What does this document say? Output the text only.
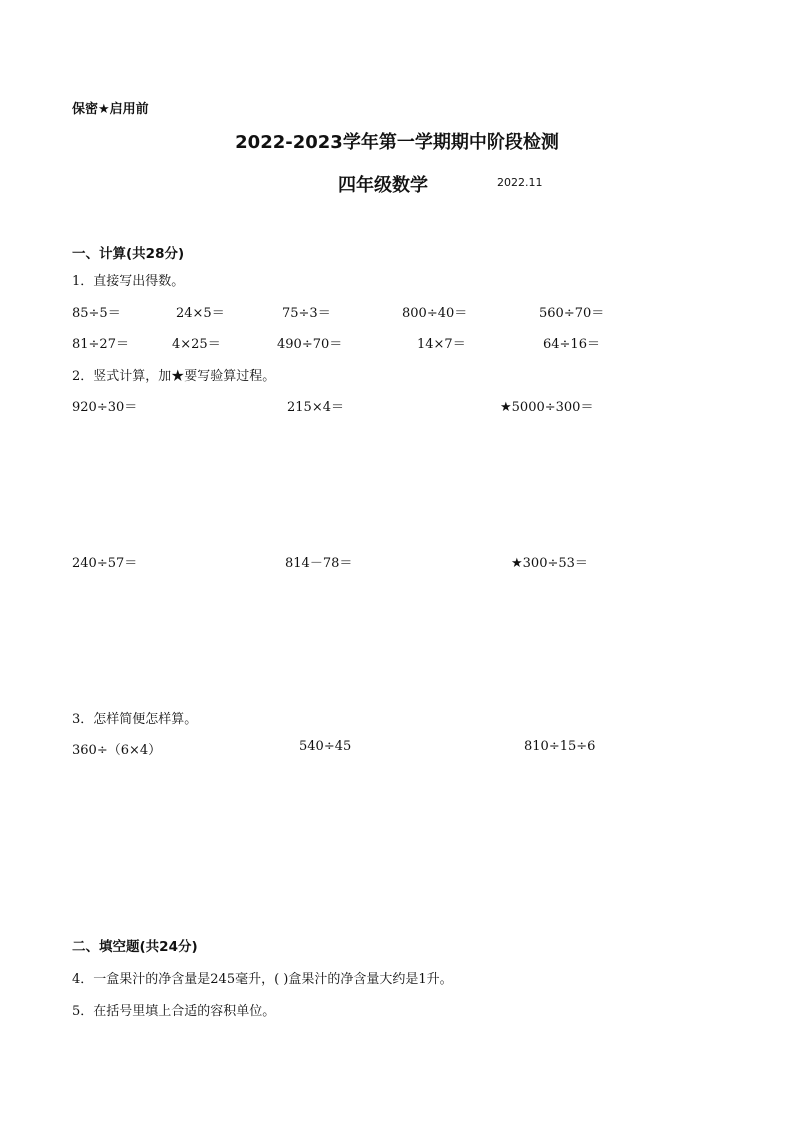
保密★启用前
2022-2023学年第一学期期中阶段检测
四年级数学	2022.11
一、计算(共28分)
1．直接写出得数。
85÷5＝	24×5＝	75÷3＝	800÷40＝	560÷70＝
81÷27＝	4×25＝	490÷70＝	14×7＝	64÷16＝
2．竖式计算，加★要写验算过程。
920÷30＝	215×4＝	★5000÷300＝
240÷57＝	814－78＝	★300÷53＝
3．怎样简便怎样算。
360÷（6×4）	540÷45	810÷15÷6
二、填空题(共24分)
4．一盒果汁的净含量是245毫升，( )盒果汁的净含量大约是1升。
5．在括号里填上合适的容积单位。
